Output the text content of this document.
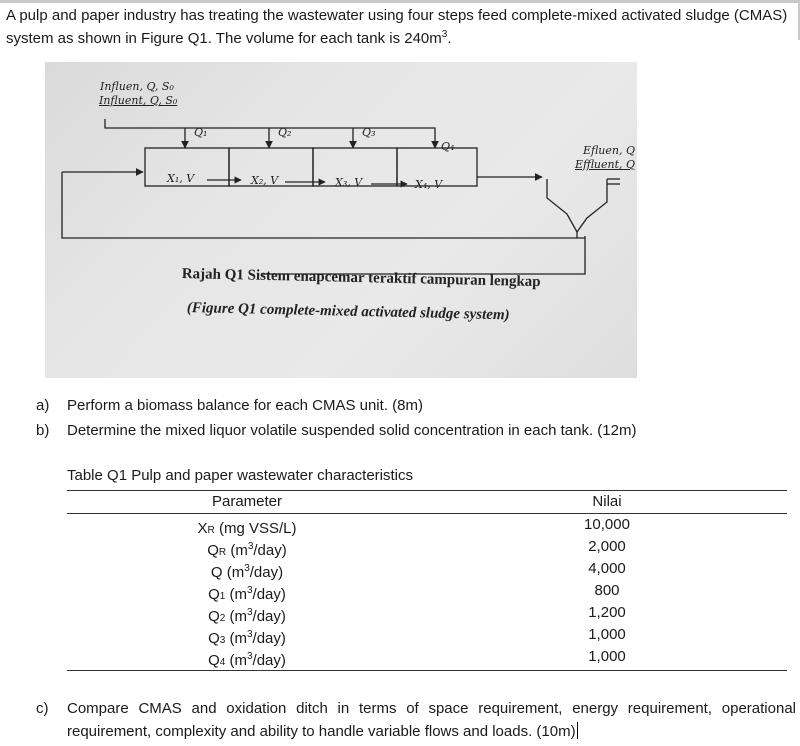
A pulp and paper industry has treating the wastewater using four steps feed complete-mixed activated sludge (CMAS) system as shown in Figure Q1. The volume for each tank is $240m^3$.

Influen, Q, S₀
Influent, Q, S₀
Q₁	Q₂	Q₃
Q₄
X₁, V	X₂, V	X₃, V	X₄, V
Efluen, Q
Effluent, Q
Rajah Q1 Sistem enapcemar teraktif campuran lengkap
(Figure Q1 complete-mixed activated sludge system)
a)	Perform a biomass balance for each CMAS unit. (8m)
b)	Determine the mixed liquor volatile suspended solid concentration in each tank. (12m)
Table Q1 Pulp and paper wastewater characteristics
Parameter	Nilai
XR (mg VSS/L)	10,000
QR $(m^3/day)$	2,000
Q $(m^3/day)$	4,000
Q1 $(m^3/day)$	800
Q2 $(m^3/day)$	1,200
Q3 $(m^3/day)$	1,000
Q4 $(m^3/day)$	1,000
c)	Compare CMAS and oxidation ditch in terms of space requirement, energy requirement, operational requirement, complexity and ability to handle variable flows and loads. (10m)
